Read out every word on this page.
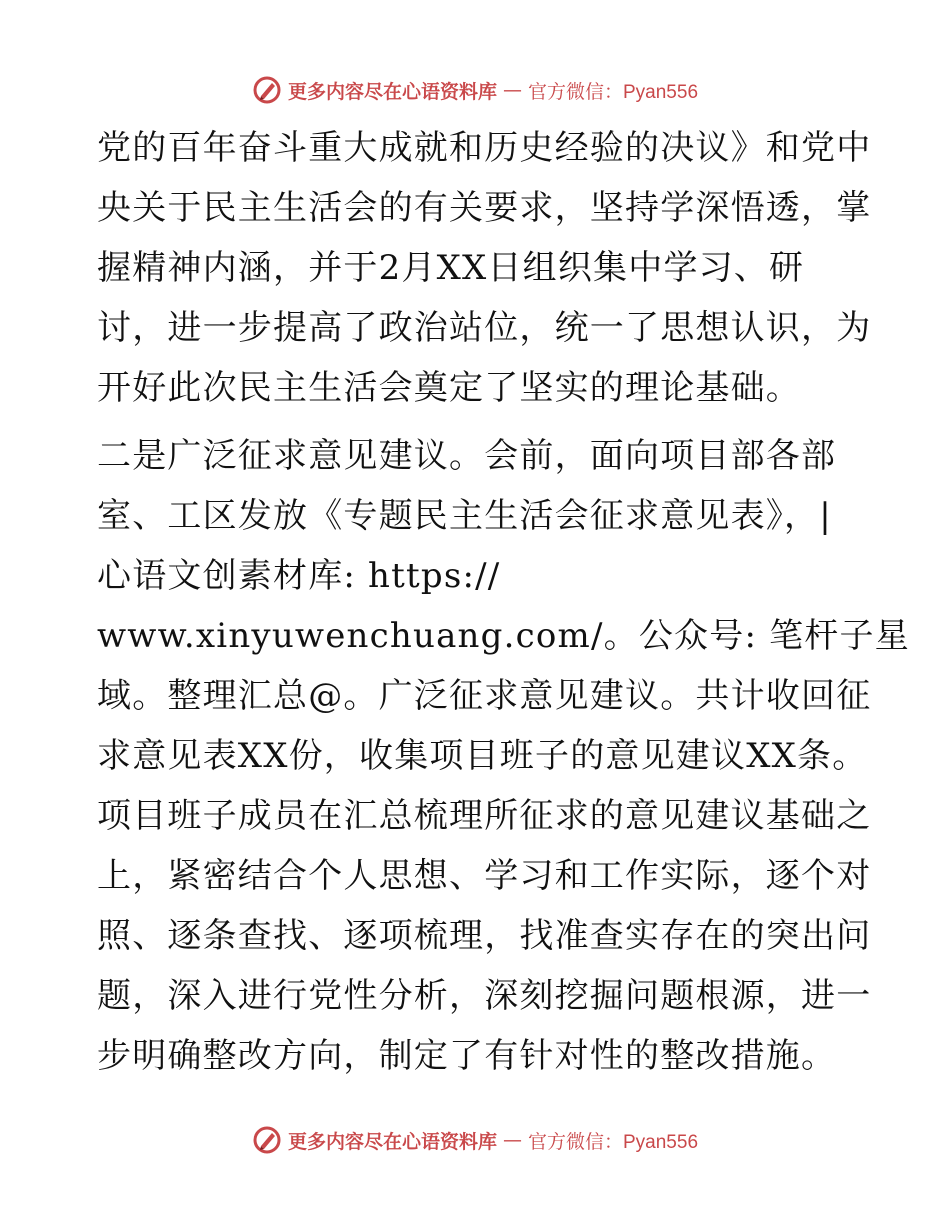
更多内容尽在心语资料库 — 官方微信：Pyan556
党的百年奋斗重大成就和历史经验的决议》和党中
央关于民主生活会的有关要求，坚持学深悟透，掌
握精神内涵，并于2月XX日组织集中学习、研
讨，进一步提高了政治站位，统一了思想认识，为
开好此次民主生活会奠定了坚实的理论基础。
二是广泛征求意见建议。会前，面向项目部各部
室、工区发放《专题民主生活会征求意见表》，|
心语文创素材库: https://
www.xinyuwenchuang.com/。公众号: 笔杆子星
域。整理汇总@。广泛征求意见建议。共计收回征
求意见表XX份，收集项目班子的意见建议XX条。
项目班子成员在汇总梳理所征求的意见建议基础之
上，紧密结合个人思想、学习和工作实际，逐个对
照、逐条查找、逐项梳理，找准查实存在的突出问
题，深入进行党性分析，深刻挖掘问题根源，进一
步明确整改方向，制定了有针对性的整改措施。
更多内容尽在心语资料库 — 官方微信：Pyan556
